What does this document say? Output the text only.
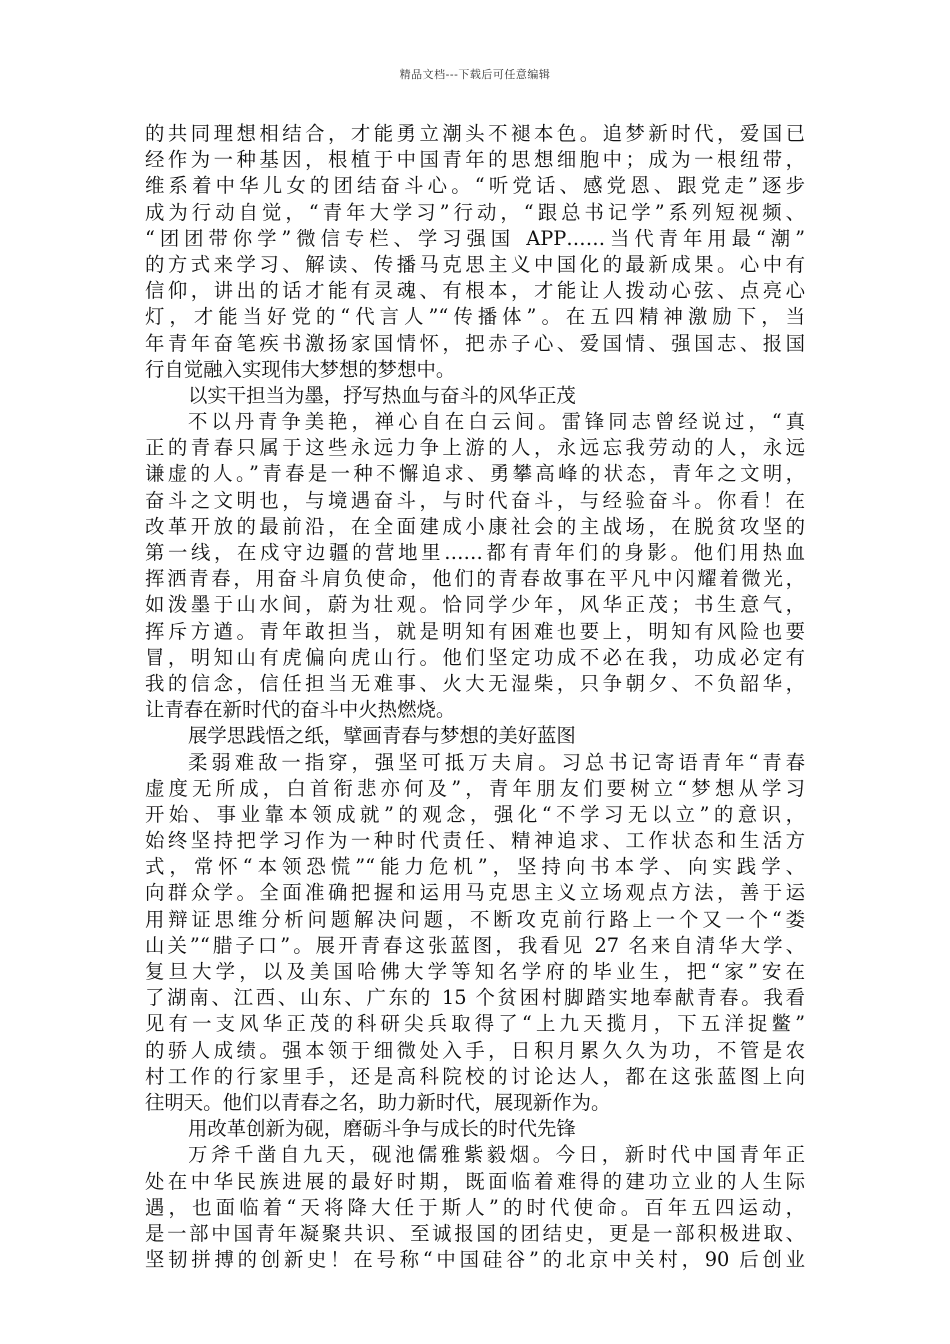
精品文档---下载后可任意编辑
的共同理想相结合，才能勇立潮头不褪本色。追梦新时代，爱国已
经作为一种基因，根植于中国青年的思想细胞中；成为一根纽带，
维系着中华儿女的团结奋斗心。“听党话、感党恩、跟党走”逐步
成为行动自觉，“青年大学习”行动，“跟总书记学”系列短视频、
“团团带你学”微信专栏、学习强国 APP……当代青年用最“潮”
的方式来学习、解读、传播马克思主义中国化的最新成果。心中有
信仰，讲出的话才能有灵魂、有根本，才能让人拨动心弦、点亮心
灯，才能当好党的“代言人”“传播体”。在五四精神激励下，当
年青年奋笔疾书激扬家国情怀，把赤子心、爱国情、强国志、报国
行自觉融入实现伟大梦想的梦想中。
以实干担当为墨，抒写热血与奋斗的风华正茂
不以丹青争美艳，禅心自在白云间。雷锋同志曾经说过，“真
正的青春只属于这些永远力争上游的人，永远忘我劳动的人，永远
谦虚的人。”青春是一种不懈追求、勇攀高峰的状态，青年之文明，
奋斗之文明也，与境遇奋斗，与时代奋斗，与经验奋斗。你看！在
改革开放的最前沿，在全面建成小康社会的主战场，在脱贫攻坚的
第一线，在戍守边疆的营地里……都有青年们的身影。他们用热血
挥洒青春，用奋斗肩负使命，他们的青春故事在平凡中闪耀着微光，
如泼墨于山水间，蔚为壮观。恰同学少年，风华正茂；书生意气，
挥斥方遒。青年敢担当，就是明知有困难也要上，明知有风险也要
冒，明知山有虎偏向虎山行。他们坚定功成不必在我，功成必定有
我的信念，信任担当无难事、火大无湿柴，只争朝夕、不负韶华，
让青春在新时代的奋斗中火热燃烧。
展学思践悟之纸，擘画青春与梦想的美好蓝图
柔弱难敌一指穿，强坚可抵万夫肩。习总书记寄语青年“青春
虚度无所成，白首衔悲亦何及”，青年朋友们要树立“梦想从学习
开始、事业靠本领成就”的观念，强化“不学习无以立”的意识，
始终坚持把学习作为一种时代责任、精神追求、工作状态和生活方
式，常怀“本领恐慌”“能力危机”，坚持向书本学、向实践学、
向群众学。全面准确把握和运用马克思主义立场观点方法，善于运
用辩证思维分析问题解决问题，不断攻克前行路上一个又一个“娄
山关”“腊子口”。展开青春这张蓝图，我看见 27 名来自清华大学、
复旦大学，以及美国哈佛大学等知名学府的毕业生，把“家”安在
了湖南、江西、山东、广东的 15 个贫困村脚踏实地奉献青春。我看
见有一支风华正茂的科研尖兵取得了“上九天揽月，下五洋捉鳖”
的骄人成绩。强本领于细微处入手，日积月累久久为功，不管是农
村工作的行家里手，还是高科院校的讨论达人，都在这张蓝图上向
往明天。他们以青春之名，助力新时代，展现新作为。
用改革创新为砚，磨砺斗争与成长的时代先锋
万斧千凿自九天，砚池儒雅紫毅烟。今日，新时代中国青年正
处在中华民族进展的最好时期，既面临着难得的建功立业的人生际
遇，也面临着“天将降大任于斯人”的时代使命。百年五四运动，
是一部中国青年凝聚共识、至诚报国的团结史，更是一部积极进取、
坚韧拼搏的创新史！在号称“中国硅谷”的北京中关村，90 后创业
